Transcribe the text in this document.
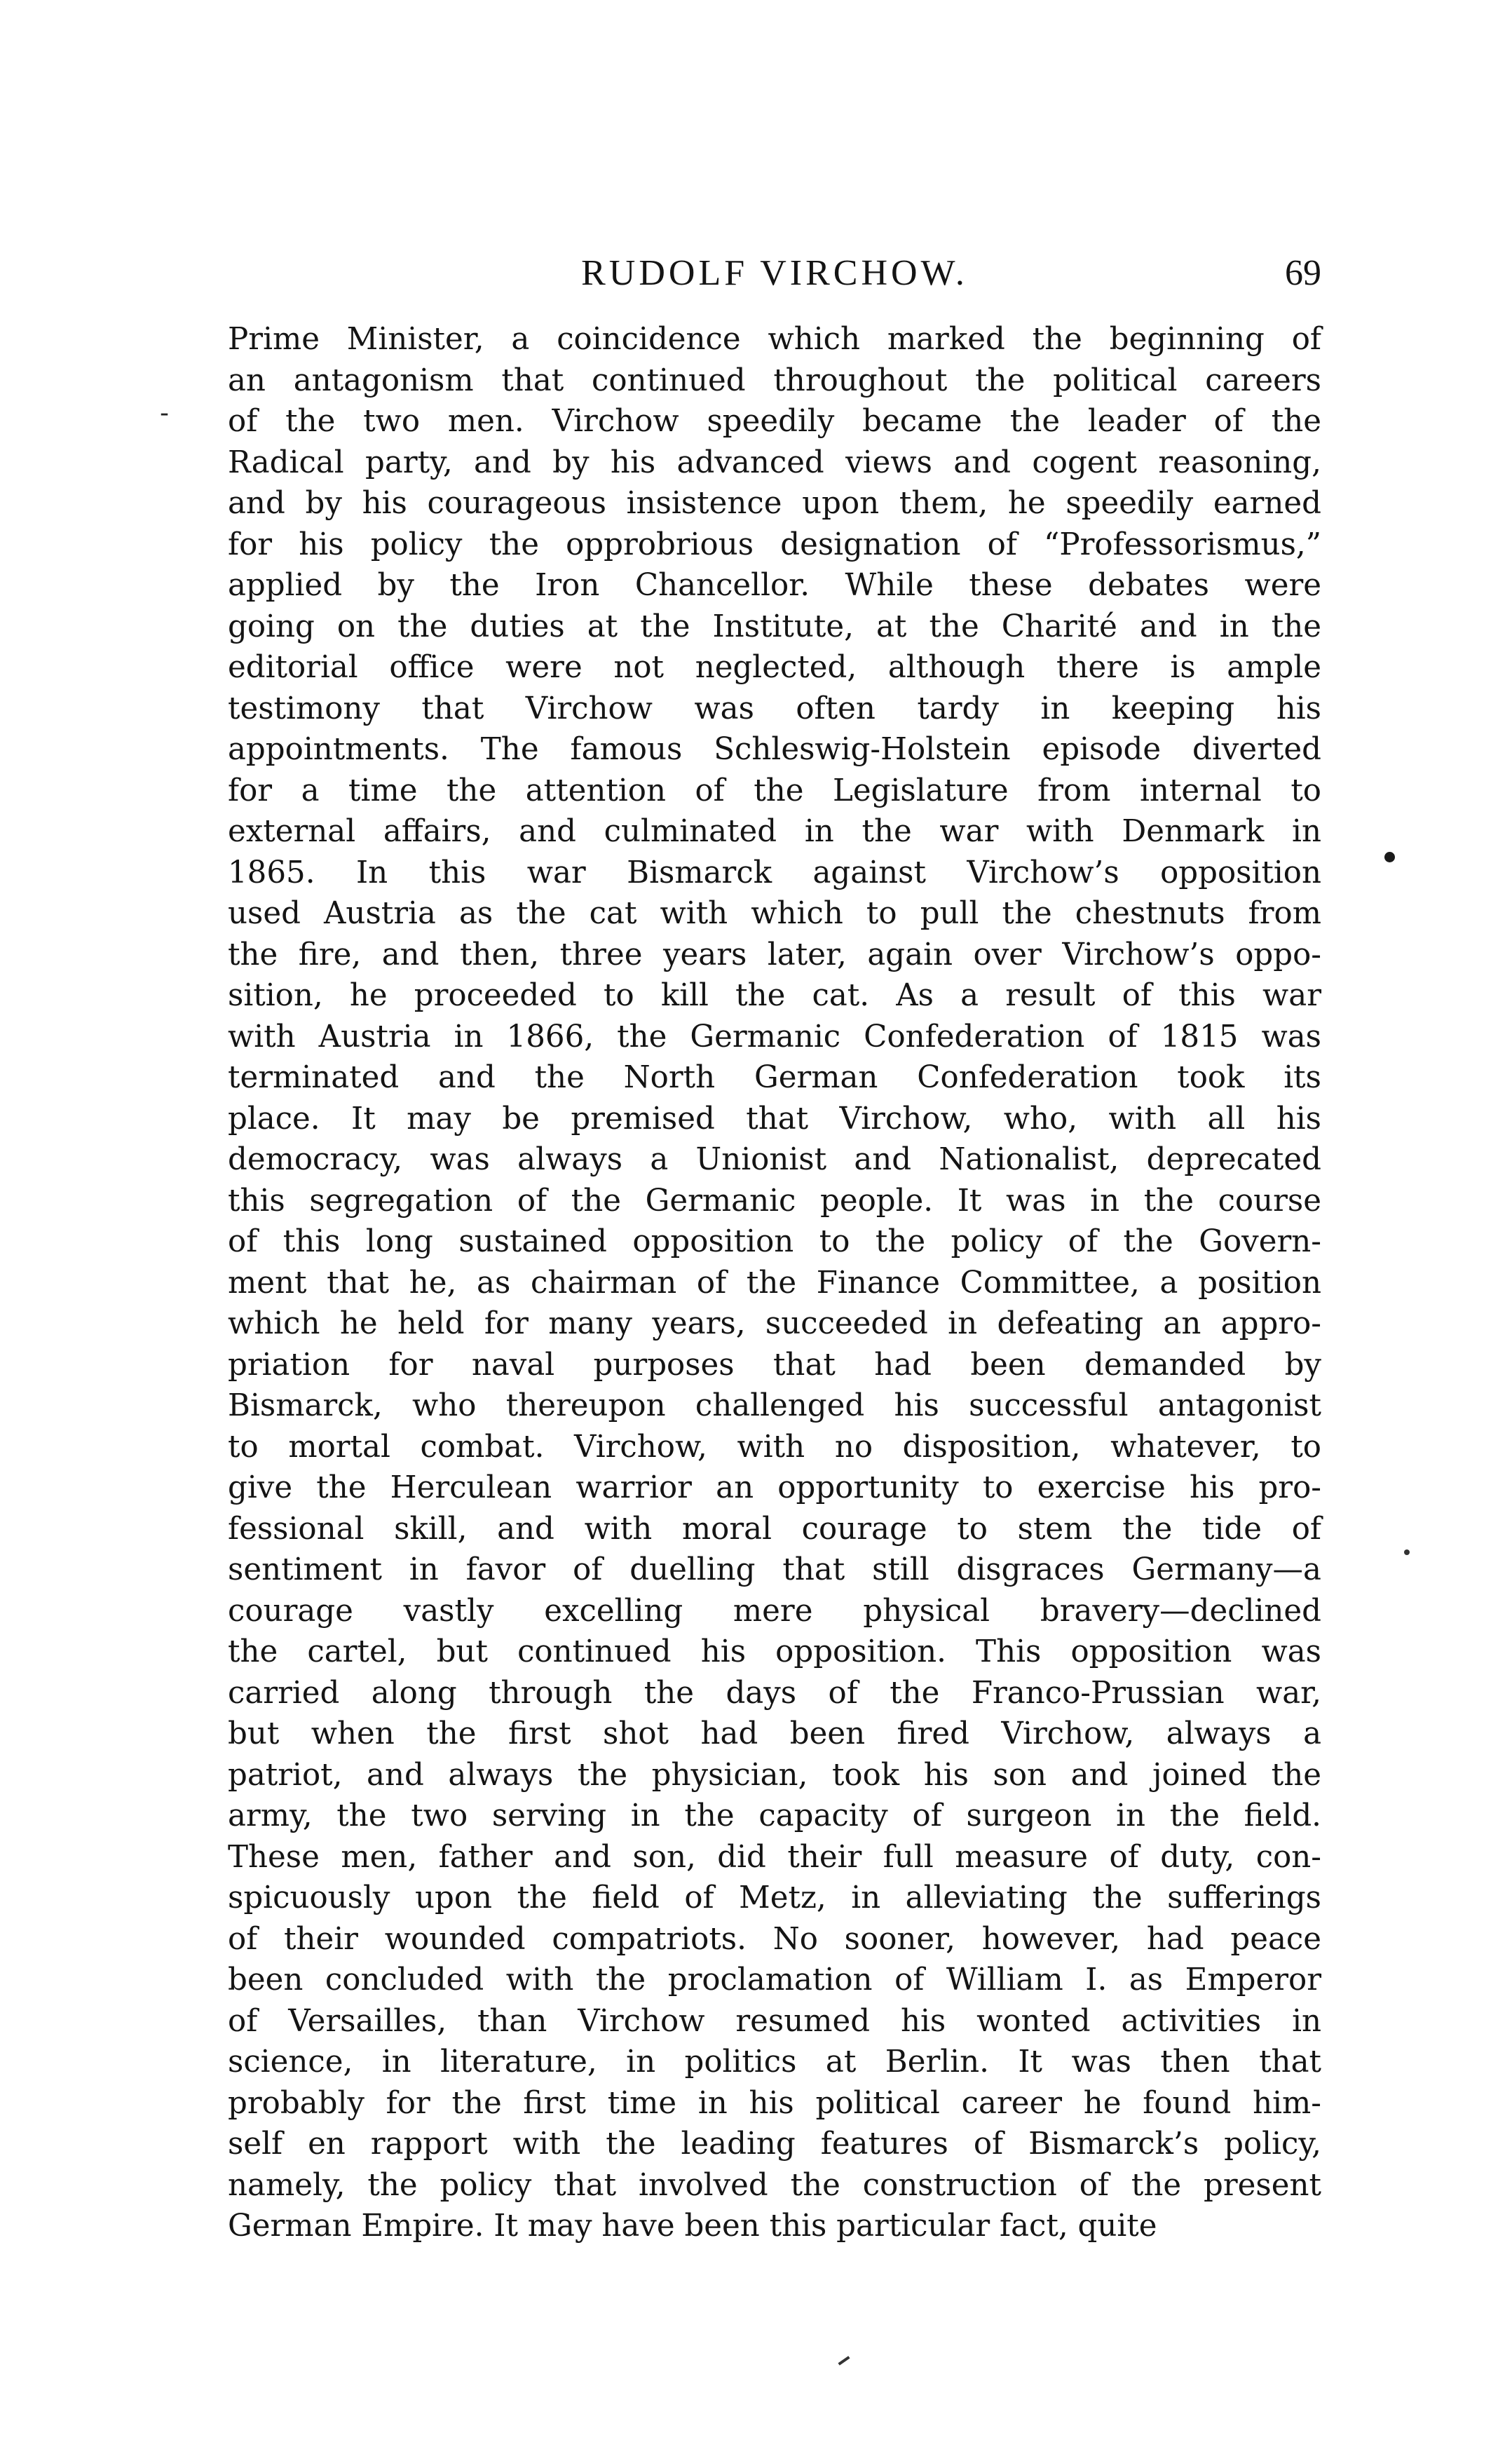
RUDOLF VIRCHOW.	69
-
Prime Minister, a coincidence which marked the beginning of
an antagonism that continued throughout the political careers
of the two men. Virchow speedily became the leader of the
Radical party, and by his advanced views and cogent reasoning,
and by his courageous insistence upon them, he speedily earned
for his policy the opprobrious designation of “Professorismus,”
applied by the Iron Chancellor. While these debates were
going on the duties at the Institute, at the Charité and in the
editorial office were not neglected, although there is ample
testimony that Virchow was often tardy in keeping his
appointments. The famous Schleswig-Holstein episode diverted
for a time the attention of the Legislature from internal to
external affairs, and culminated in the war with Denmark in
1865. In this war Bismarck against Virchow’s opposition
used Austria as the cat with which to pull the chestnuts from
the fire, and then, three years later, again over Virchow’s oppo-
sition, he proceeded to kill the cat. As a result of this war
with Austria in 1866, the Germanic Confederation of 1815 was
terminated and the North German Confederation took its
place. It may be premised that Virchow, who, with all his
democracy, was always a Unionist and Nationalist, deprecated
this segregation of the Germanic people. It was in the course
of this long sustained opposition to the policy of the Govern-
ment that he, as chairman of the Finance Committee, a position
which he held for many years, succeeded in defeating an appro-
priation for naval purposes that had been demanded by
Bismarck, who thereupon challenged his successful antagonist
to mortal combat. Virchow, with no disposition, whatever, to
give the Herculean warrior an opportunity to exercise his pro-
fessional skill, and with moral courage to stem the tide of
sentiment in favor of duelling that still disgraces Germany—a
courage vastly excelling mere physical bravery—declined
the cartel, but continued his opposition. This opposition was
carried along through the days of the Franco-Prussian war,
but when the first shot had been fired Virchow, always a
patriot, and always the physician, took his son and joined the
army, the two serving in the capacity of surgeon in the field.
These men, father and son, did their full measure of duty, con-
spicuously upon the field of Metz, in alleviating the sufferings
of their wounded compatriots. No sooner, however, had peace
been concluded with the proclamation of William I. as Emperor
of Versailles, than Virchow resumed his wonted activities in
science, in literature, in politics at Berlin. It was then that
probably for the first time in his political career he found him-
self en rapport with the leading features of Bismarck’s policy,
namely, the policy that involved the construction of the present
German Empire. It may have been this particular fact, quite
